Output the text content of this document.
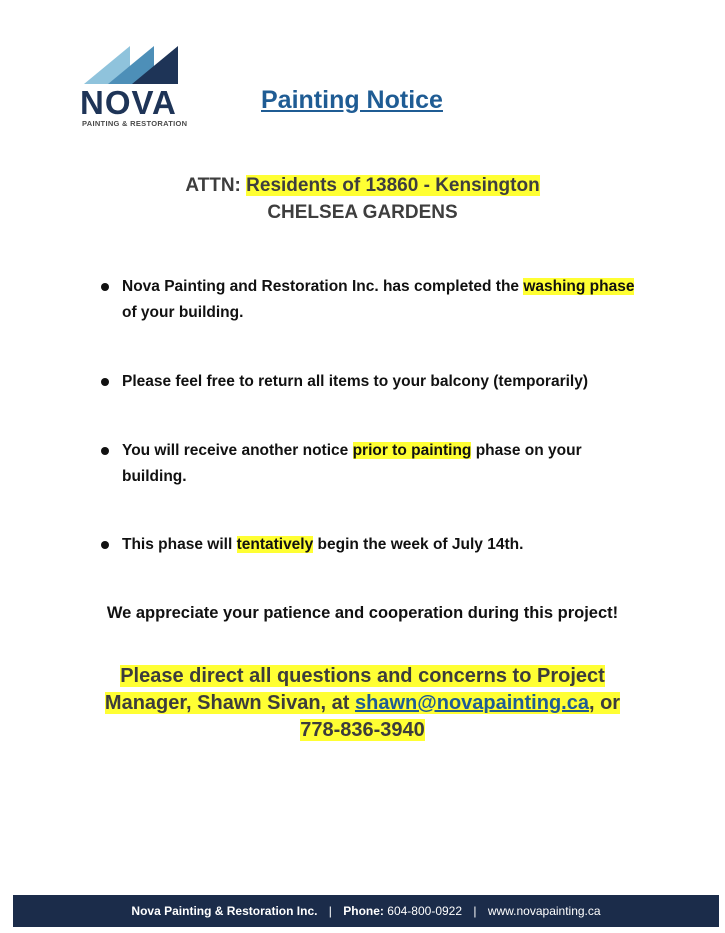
NOVA
PAINTING & RESTORATION
Painting Notice
ATTN: Residents of 13860 - Kensington
CHELSEA GARDENS
Nova Painting and Restoration Inc. has completed the washing phase of your building.
Please feel free to return all items to your balcony (temporarily)
You will receive another notice prior to painting phase on your building.
This phase will tentatively begin the week of July 14th.
We appreciate your patience and cooperation during this project!
Please direct all questions and concerns to Project
Manager, Shawn Sivan, at shawn@novapainting.ca, or
778-836-3940
Nova Painting & Restoration Inc. | Phone: 604-800-0922 | www.novapainting.ca
